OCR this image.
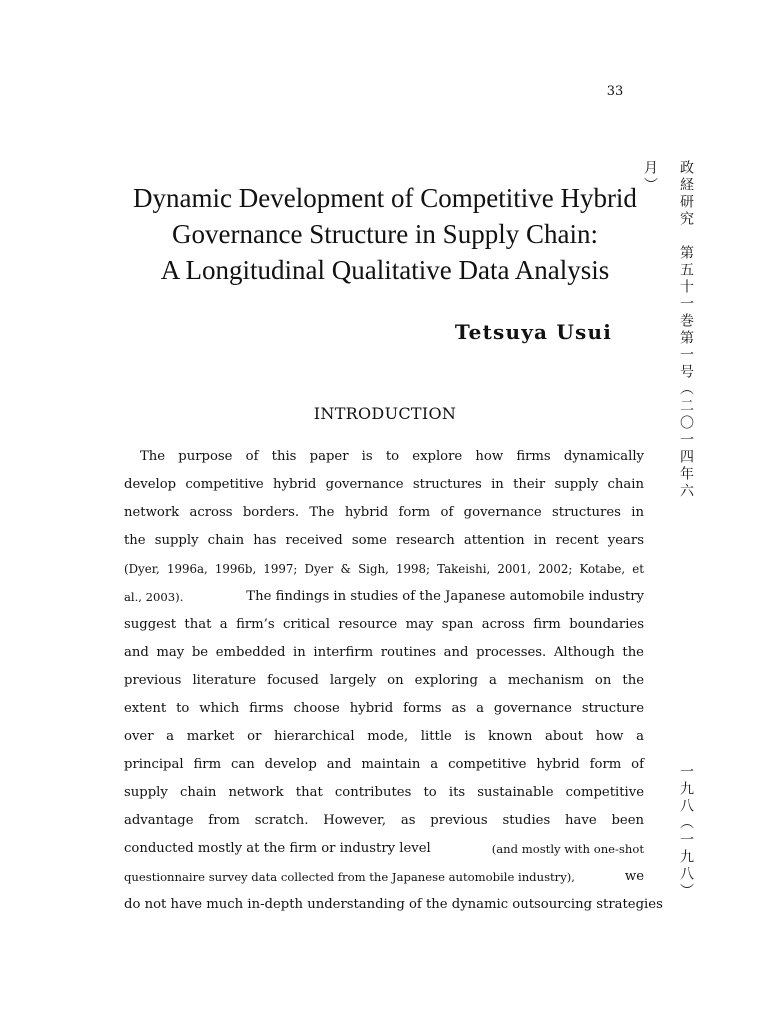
33
Dynamic Development of Competitive Hybrid
Governance Structure in Supply Chain:
A Longitudinal Qualitative Data Analysis
Tetsuya Usui
INTRODUCTION
The purpose of this paper is to explore how firms dynamically
develop competitive hybrid governance structures in their supply chain
network across borders. The hybrid form of governance structures in
the supply chain has received some research attention in recent years
(Dyer, 1996a, 1996b, 1997; Dyer & Sigh, 1998; Takeishi, 2001, 2002; Kotabe, et
al., 2003).	The findings in studies of the Japanese automobile industry
suggest that a firm’s critical resource may span across firm boundaries
and may be embedded in interfirm routines and processes. Although the
previous literature focused largely on exploring a mechanism on the
extent to which firms choose hybrid forms as a governance structure
over a market or hierarchical mode, little is known about how a
principal firm can develop and maintain a competitive hybrid form of
supply chain network that contributes to its sustainable competitive
advantage from scratch. However, as previous studies have been
conducted mostly at the firm or industry level	(and mostly with one-shot
questionnaire survey data collected from the Japanese automobile industry),	we
do not have much in-depth understanding of the dynamic outsourcing strategies
政経研究　第五十一巻第一号（二〇一四年六月）
一九八（一九八）
